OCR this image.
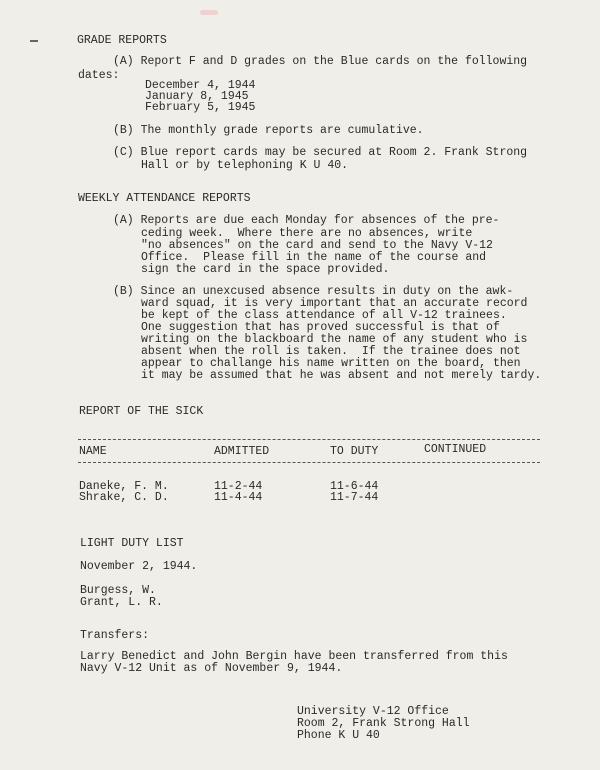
GRADE REPORTS

(A) Report F and D grades on the Blue cards on the following

dates:

December 4, 1944

January 8, 1945

February 5, 1945

(B) The monthly grade reports are cumulative.

(C) Blue report cards may be secured at Room 2. Frank Strong

Hall or by telephoning K U 40.

WEEKLY ATTENDANCE REPORTS

(A) Reports are due each Monday for absences of the pre-

ceding week.  Where there are no absences, write

"no absences" on the card and send to the Navy V-12

Office.  Please fill in the name of the course and

sign the card in the space provided.

(B) Since an unexcused absence results in duty on the awk-

ward squad, it is very important that an accurate record

be kept of the class attendance of all V-12 trainees.

One suggestion that has proved successful is that of

writing on the blackboard the name of any student who is

absent when the roll is taken.  If the trainee does not

appear to challange his name written on the board, then

it may be assumed that he was absent and not merely tardy.

REPORT OF THE SICK

NAME	ADMITTED	TO DUTY	CONTINUED

Daneke, F. M.	11-2-44	11-6-44

Shrake, C. D.	11-4-44	11-7-44

LIGHT DUTY LIST

November 2, 1944.

Burgess, W.

Grant, L. R.

Transfers:

Larry Benedict and John Bergin have been transferred from this

Navy V-12 Unit as of November 9, 1944.

University V-12 Office

Room 2, Frank Strong Hall

Phone K U 40
